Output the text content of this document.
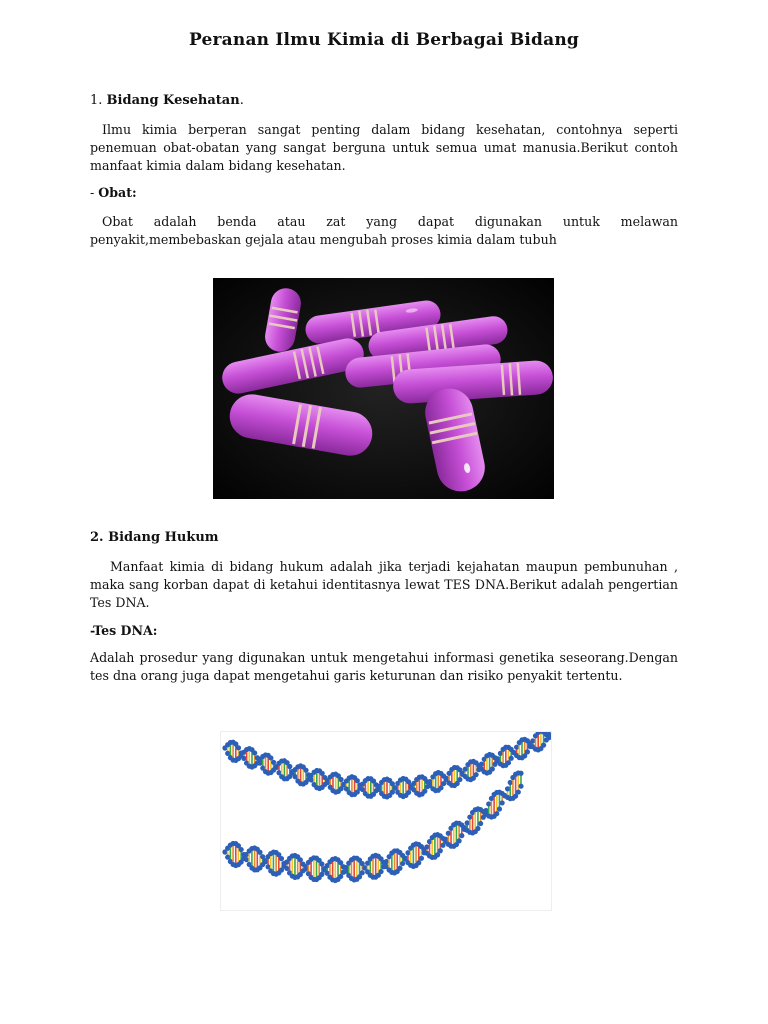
Peranan Ilmu Kimia di Berbagai Bidang
1. Bidang Kesehatan.

Ilmu kimia berperan sangat penting dalam bidang kesehatan, contohnya seperti penemuan obat-obatan yang sangat berguna untuk semua umat manusia.Berikut contoh manfaat kimia dalam bidang kesehatan.

- Obat:

Obat adalah benda atau zat yang dapat digunakan untuk melawan penyakit,membebaskan gejala atau mengubah proses kimia dalam tubuh

2. Bidang Hukum

Manfaat kimia di bidang hukum adalah jika terjadi kejahatan maupun pembunuhan , maka sang korban dapat di ketahui identitasnya lewat TES DNA.Berikut adalah pengertian Tes DNA.

-Tes DNA:

Adalah prosedur yang digunakan untuk mengetahui informasi genetika seseorang.Dengan tes dna orang juga dapat mengetahui garis keturunan dan risiko penyakit tertentu.
